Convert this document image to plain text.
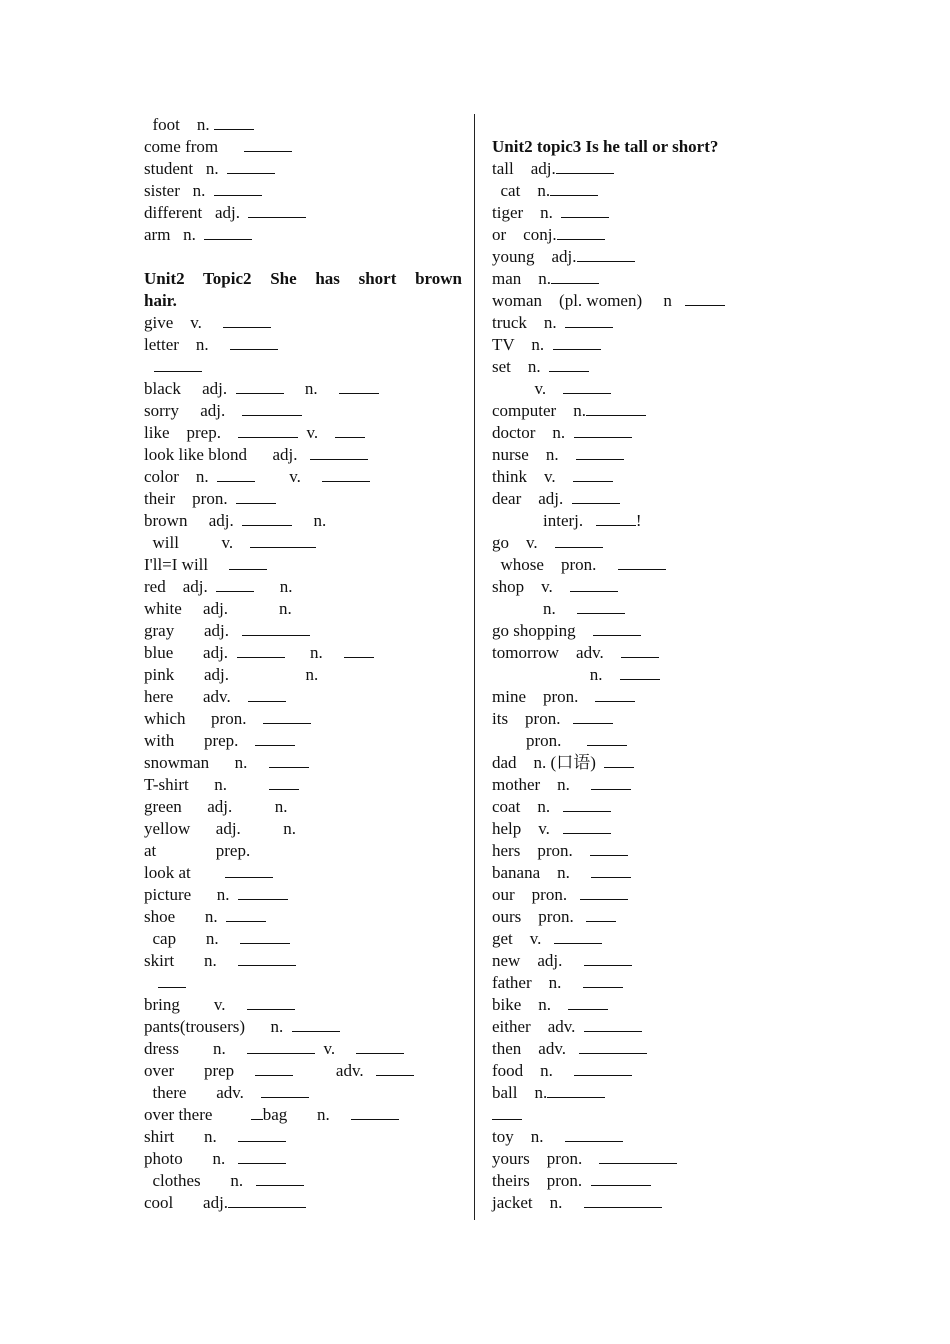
foot    n.
come from
student   n.
sister   n.
different   adj.
arm   n.
Unit2 Topic2 She has short brown
hair.
give    v.
letter    n.
black     adj.	n.
sorry     adj.
like    prep.	v.
look like blond      adj.
color    n.          v.
their    pron.
brown     adj.	n.
will          v.
I'll=I will
red    adj.        n.
white     adj.            n.
gray       adj.
blue       adj.	n.
pink       adj.                  n.
here       adv.
which      pron.
with       prep.
snowman      n.
T-shirt      n.
green      adj.          n.
yellow      adj.          n.
at              prep.
look at
picture      n.
shoe       n.
cap       n.
skirt       n.
bring        v.
pants(trousers)      n.
dress        n.	v.
over       prep               adv.
there       adv.
over there         bag       n.
shirt       n.
photo       n.
clothes       n.
cool       adj.
Unit2 topic3 Is he tall or short?
tall    adj.
cat    n.
tiger    n.
or    conj.
young    adj.
man    n.
woman    (pl. women)     n
truck    n.
TV    n.
set    n.
v.
computer    n.
doctor    n.
nurse    n.
think    v.
dear    adj.
interj.   !
go    v.
whose    pron.
shop    v.
n.
go shopping
tomorrow    adv.
n.
mine    pron.
its    pron.
pron.
dad    n. (口语)
mother    n.
coat    n.
help    v.
hers    pron.
banana    n.
our    pron.
ours    pron.
get    v.
new    adj.
father    n.
bike    n.
either    adv.
then    adv.
food    n.
ball    n.
toy    n.
yours    pron.
theirs    pron.
jacket    n.
